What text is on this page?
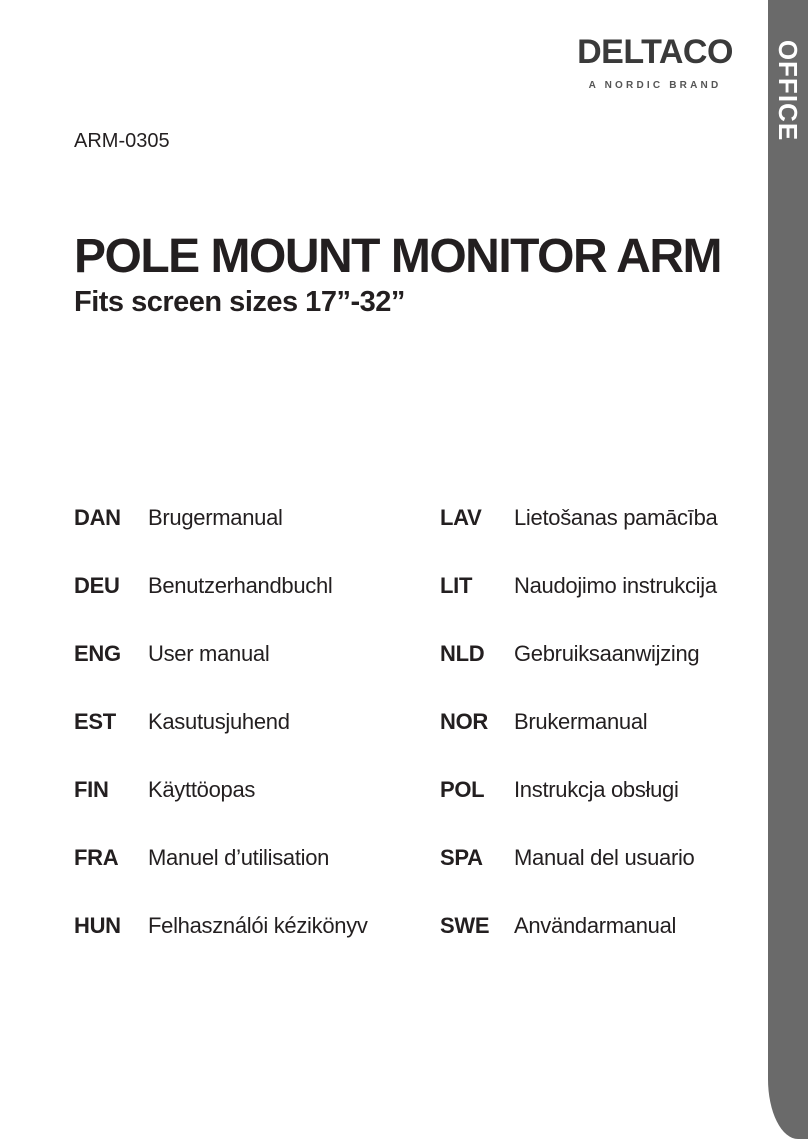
OFFICE
DELTACO
A NORDIC BRAND
ARM-0305
POLE MOUNT MONITOR ARM
Fits screen sizes 17”-32”
DAN	Brugermanual
DEU	Benutzerhandbuchl
ENG	User manual
EST	Kasutusjuhend
FIN	Käyttöopas
FRA	Manuel d’utilisation
HUN	Felhasználói kézikönyv
LAV	Lietošanas pamācība
LIT	Naudojimo instrukcija
NLD	Gebruiksaanwijzing
NOR	Brukermanual
POL	Instrukcja obsługi
SPA	Manual del usuario
SWE	Användarmanual
